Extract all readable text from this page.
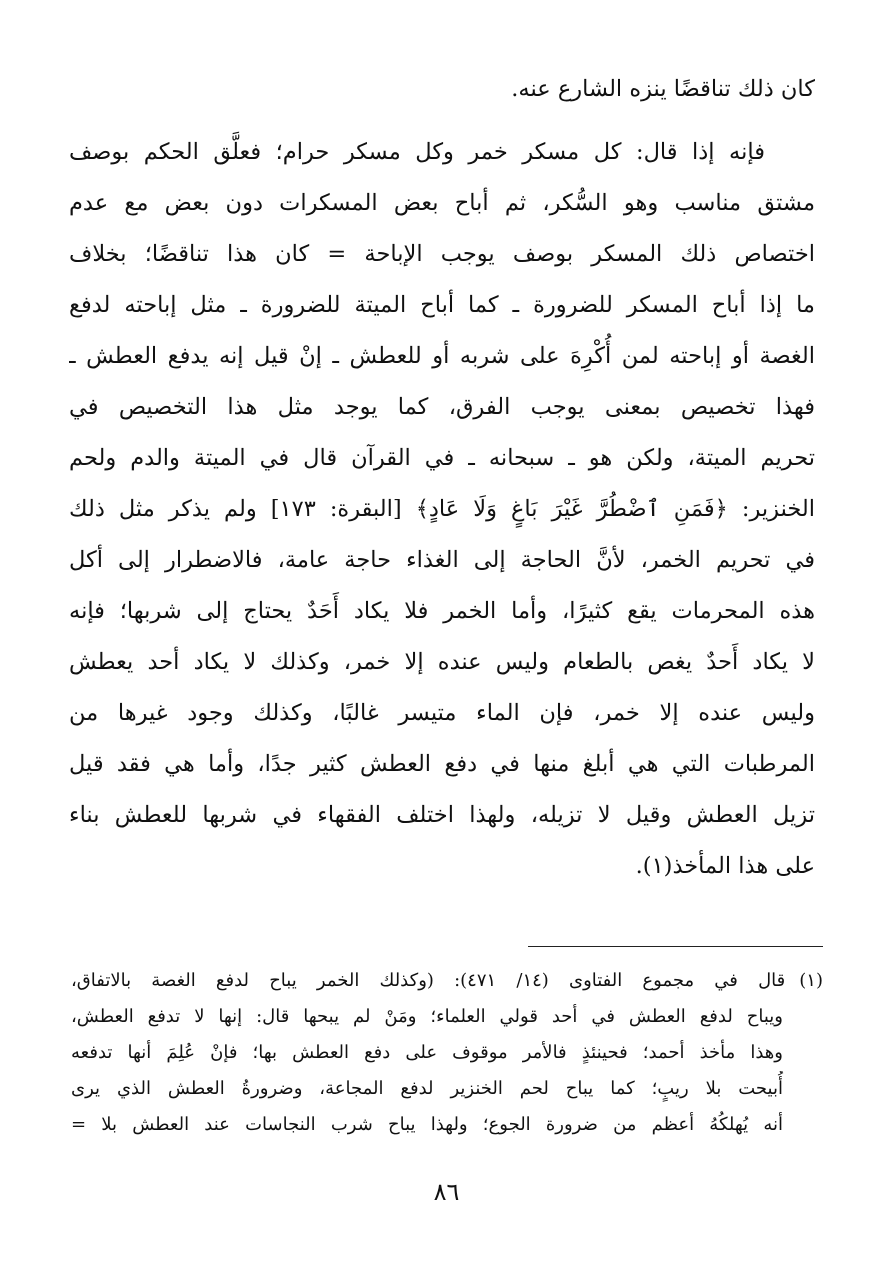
كان ذلك تناقضًا ينزه الشارع عنه.
فإنه إذا قال: كل مسكر خمر وكل مسكر حرام؛ فعلَّق الحكم بوصف
مشتق مناسب وهو السُّكر، ثم أباح بعض المسكرات دون بعض مع عدم
اختصاص ذلك المسكر بوصف يوجب الإباحة = كان هذا تناقضًا؛ بخلاف
ما إذا أباح المسكر للضرورة ـ كما أباح الميتة للضرورة ـ مثل إباحته لدفع
الغصة أو إباحته لمن أُكْرِهَ على شربه أو للعطش ـ إنْ قيل إنه يدفع العطش ـ
فهذا تخصيص بمعنى يوجب الفرق، كما يوجد مثل هذا التخصيص في
تحريم الميتة، ولكن هو ـ سبحانه ـ في القرآن قال في الميتة والدم ولحم
الخنزير: ﴿فَمَنِ ٱضْطُرَّ غَيْرَ بَاغٍ وَلَا عَادٍ﴾ [البقرة: ١٧٣] ولم يذكر مثل ذلك
في تحريم الخمر، لأنَّ الحاجة إلى الغذاء حاجة عامة، فالاضطرار إلى أكل
هذه المحرمات يقع كثيرًا، وأما الخمر فلا يكاد أَحَدٌ يحتاج إلى شربها؛ فإنه
لا يكاد أَحدٌ يغص بالطعام وليس عنده إلا خمر، وكذلك لا يكاد أحد يعطش
وليس عنده إلا خمر، فإن الماء متيسر غالبًا، وكذلك وجود غيرها من
المرطبات التي هي أبلغ منها في دفع العطش كثير جدًا، وأما هي فقد قيل
تزيل العطش وقيل لا تزيله، ولهذا اختلف الفقهاء في شربها للعطش بناء
على هذا المأخذ(١).
(١)قال في مجموع الفتاوى (١٤/ ٤٧١): (وكذلك الخمر يباح لدفع الغصة بالاتفاق،
ويباح لدفع العطش في أحد قولي العلماء؛ ومَنْ لم يبحها قال: إنها لا تدفع العطش،
وهذا مأخذ أحمد؛ فحينئذٍ فالأمر موقوف على دفع العطش بها؛ فإنْ عُلِمَ أنها تدفعه
أُبيحت بلا ريبٍ؛ كما يباح لحم الخنزير لدفع المجاعة، وضرورةُ العطش الذي يرى
أنه يُهلكُهُ أعظم من ضرورة الجوع؛ ولهذا يباح شرب النجاسات عند العطش بلا =
٨٦
